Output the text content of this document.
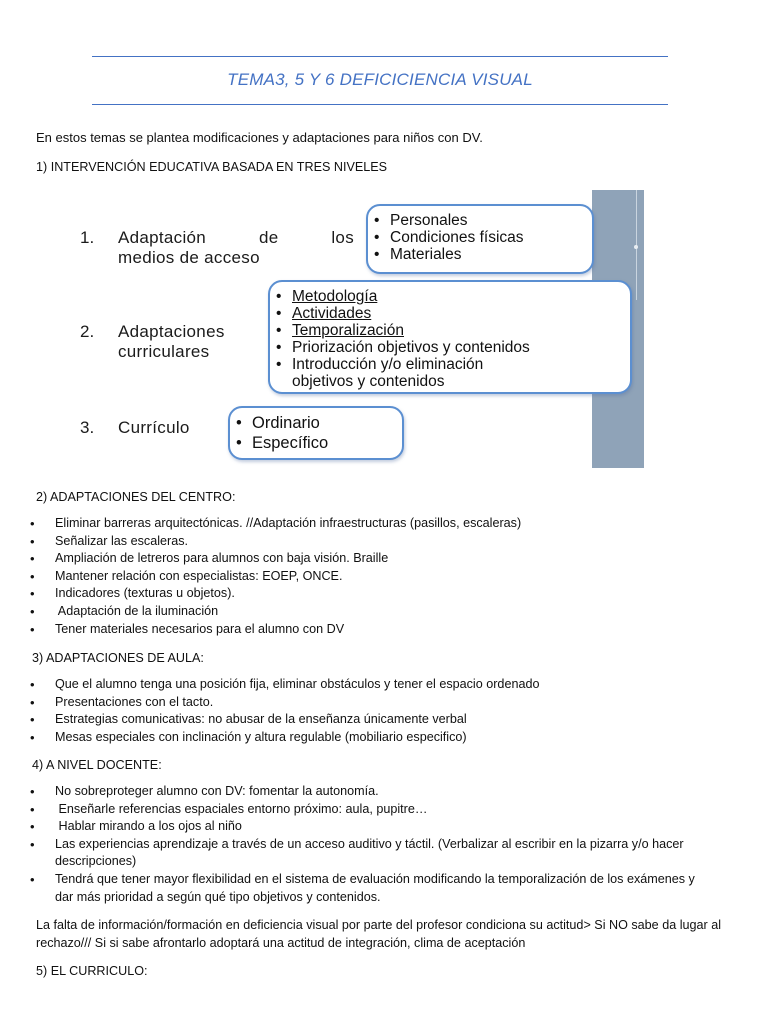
TEMA3, 5 Y 6 DEFICICIENCIA VISUAL
En estos temas se plantea modificaciones y adaptaciones para niños con DV.
1) INTERVENCIÓN EDUCATIVA BASADA EN TRES NIVELES
1. Adaptación de los
medios de acceso
• Personales
• Condiciones físicas
• Materiales
2. Adaptaciones
curriculares
• Metodología
• Actividades
• Temporalización
• Priorización objetivos y contenidos
• Introducción y/o eliminación
objetivos y contenidos
3. Currículo
•	Ordinario
• Específico
2) ADAPTACIONES DEL CENTRO:
• Eliminar barreras arquitectónicas. //Adaptación infraestructuras (pasillos, escaleras)
• Señalizar las escaleras.
• Ampliación de letreros para alumnos con baja visión. Braille
• Mantener relación con especialistas: EOEP, ONCE.
• Indicadores (texturas u objetos).
•  Adaptación de la iluminación
• Tener materiales necesarios para el alumno con DV
3) ADAPTACIONES DE AULA:
• Que el alumno tenga una posición fija, eliminar obstáculos y tener el espacio ordenado
• Presentaciones con el tacto.
• Estrategias comunicativas: no abusar de la enseñanza únicamente verbal
• Mesas especiales con inclinación y altura regulable (mobiliario especifico)
4) A NIVEL DOCENTE:
• No sobreproteger alumno con DV: fomentar la autonomía.
•  Enseñarle referencias espaciales entorno próximo: aula, pupitre…
•  Hablar mirando a los ojos al niño
• Las experiencias aprendizaje a través de un acceso auditivo y táctil. (Verbalizar al escribir en la pizarra y/o hacer descripciones)
• Tendrá que tener mayor flexibilidad en el sistema de evaluación modificando la temporalización de los exámenes y dar más prioridad a según qué tipo objetivos y contenidos.
La falta de información/formación en deficiencia visual por parte del profesor condiciona su actitud> Si NO sabe da lugar al rechazo/// Si si sabe afrontarlo adoptará una actitud de integración, clima de aceptación
5) EL CURRICULO:
